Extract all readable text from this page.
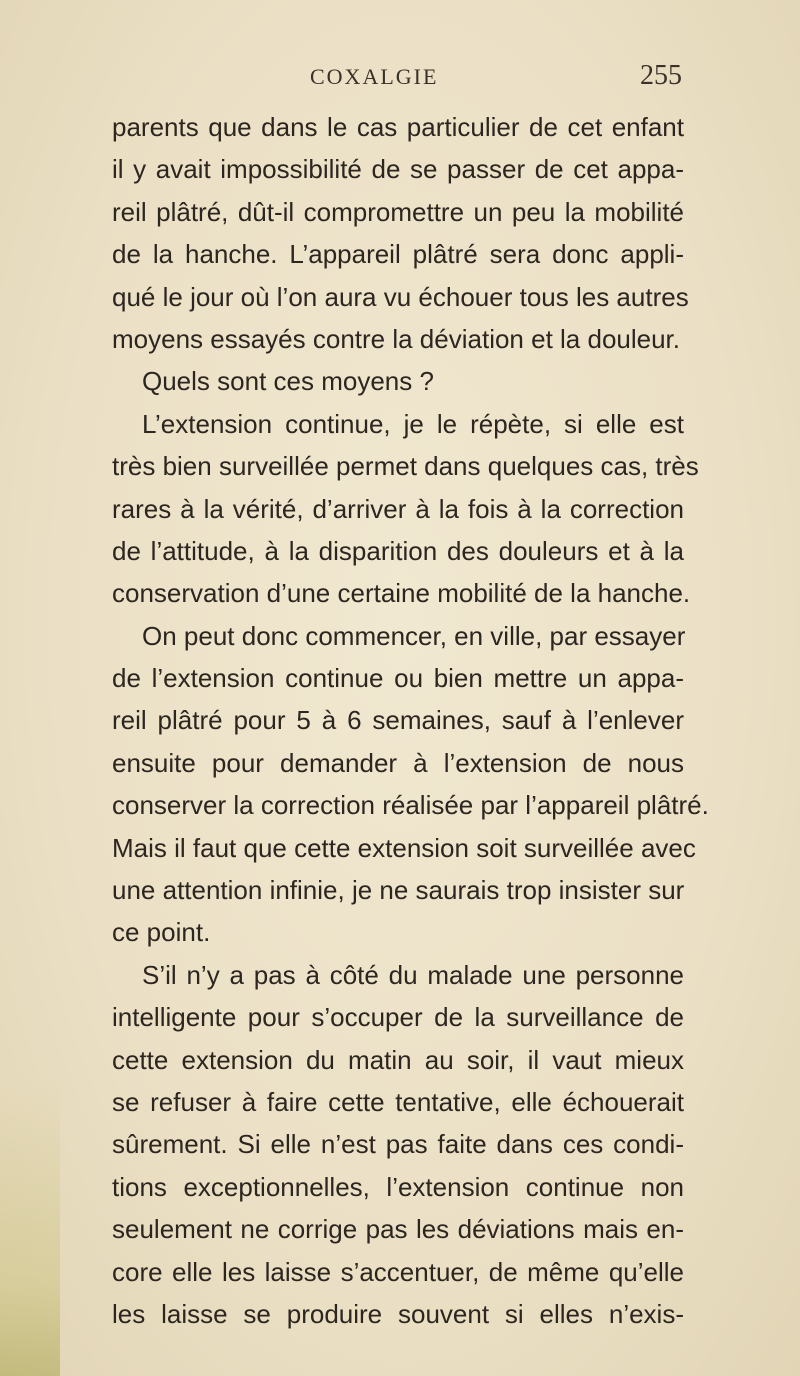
COXALGIE	255
parents que dans le cas particulier de cet enfant
il y avait impossibilité de se passer de cet appa-
reil plâtré, dût-il compromettre un peu la mobilité
de la hanche. L’appareil plâtré sera donc appli-
qué le jour où l’on aura vu échouer tous les autres
moyens essayés contre la déviation et la douleur.
Quels sont ces moyens ?
L’extension continue, je le répète, si elle est
très bien surveillée permet dans quelques cas, très
rares à la vérité, d’arriver à la fois à la correction
de l’attitude, à la disparition des douleurs et à la
conservation d’une certaine mobilité de la hanche.
On peut donc commencer, en ville, par essayer
de l’extension continue ou bien mettre un appa-
reil plâtré pour 5 à 6 semaines, sauf à l’enlever
ensuite pour demander à l’extension de nous
conserver la correction réalisée par l’appareil plâtré.
Mais il faut que cette extension soit surveillée avec
une attention infinie, je ne saurais trop insister sur
ce point.
S’il n’y a pas à côté du malade une personne
intelligente pour s’occuper de la surveillance de
cette extension du matin au soir, il vaut mieux
se refuser à faire cette tentative, elle échouerait
sûrement. Si elle n’est pas faite dans ces condi-
tions exceptionnelles, l’extension continue non
seulement ne corrige pas les déviations mais en-
core elle les laisse s’accentuer, de même qu’elle
les laisse se produire souvent si elles n’exis-
